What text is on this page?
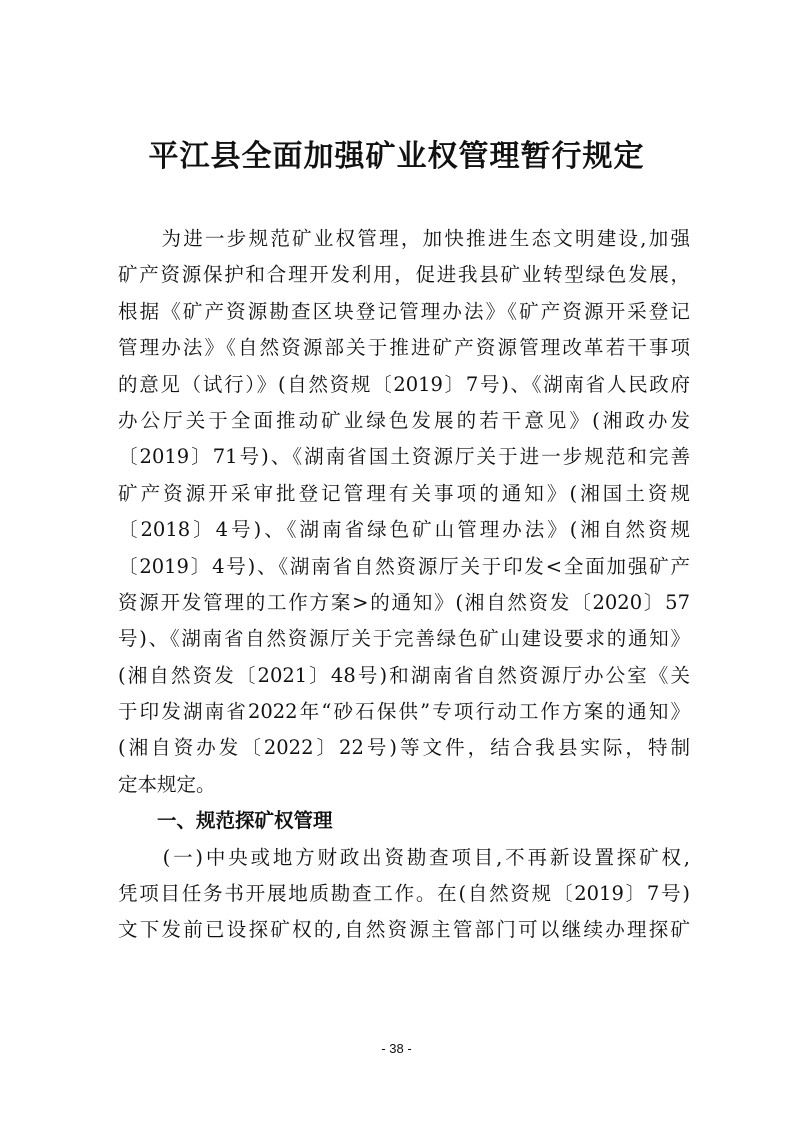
平江县全面加强矿业权管理暂行规定
　　为进一步规范矿业权管理，加快推进生态文明建设,加强
矿产资源保护和合理开发利用，促进我县矿业转型绿色发展，
根据《矿产资源勘查区块登记管理办法》《矿产资源开采登记
管理办法》《自然资源部关于推进矿产资源管理改革若干事项
的意见（试行）》(自然资规〔2019〕7号)、《湖南省人民政府
办公厅关于全面推动矿业绿色发展的若干意见》(湘政办发
〔2019〕71号)、《湖南省国土资源厅关于进一步规范和完善
矿产资源开采审批登记管理有关事项的通知》(湘国土资规
〔2018〕4号)、《湖南省绿色矿山管理办法》(湘自然资规
〔2019〕4号)、《湖南省自然资源厅关于印发<全面加强矿产
资源开发管理的工作方案>的通知》(湘自然资发〔2020〕57
号)、《湖南省自然资源厅关于完善绿色矿山建设要求的通知》
(湘自然资发〔2021〕48号)和湖南省自然资源厅办公室《关
于印发湖南省2022年“砂石保供”专项行动工作方案的通知》
(湘自资办发〔2022〕22号)等文件，结合我县实际，特制
定本规定。
　　一、规范探矿权管理
　　(一)中央或地方财政出资勘查项目,不再新设置探矿权,
凭项目任务书开展地质勘查工作。在(自然资规〔2019〕7号)
文下发前已设探矿权的,自然资源主管部门可以继续办理探矿
- 38 -
